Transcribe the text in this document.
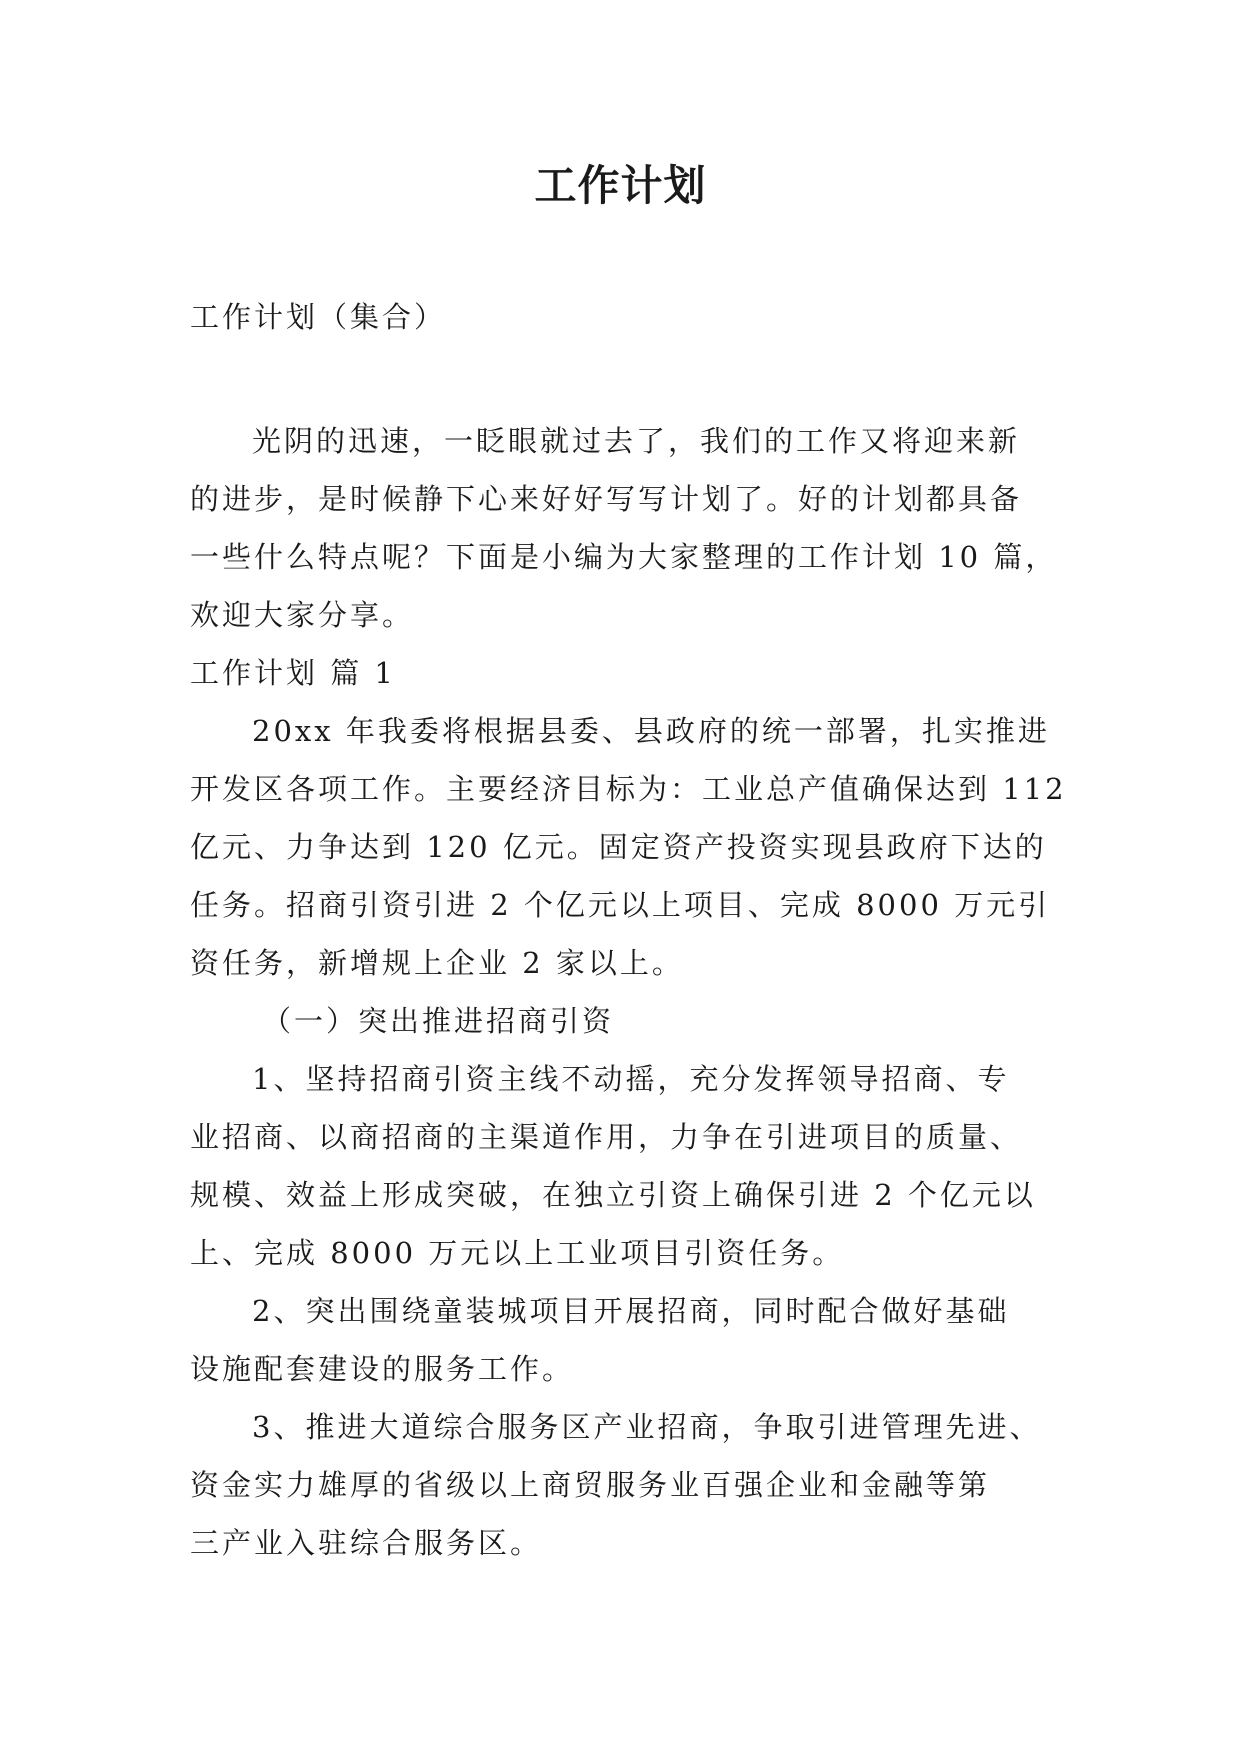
工作计划
工作计划（集合）
光阴的迅速，一眨眼就过去了，我们的工作又将迎来新
的进步，是时候静下心来好好写写计划了。好的计划都具备
一些什么特点呢？下面是小编为大家整理的工作计划 10 篇，
欢迎大家分享。
工作计划 篇 1
20xx 年我委将根据县委、县政府的统一部署，扎实推进
开发区各项工作。主要经济目标为：工业总产值确保达到 112
亿元、力争达到 120 亿元。固定资产投资实现县政府下达的
任务。招商引资引进 2 个亿元以上项目、完成 8000 万元引
资任务，新增规上企业 2 家以上。
（一）突出推进招商引资
1、坚持招商引资主线不动摇，充分发挥领导招商、专
业招商、以商招商的主渠道作用，力争在引进项目的质量、
规模、效益上形成突破，在独立引资上确保引进 2 个亿元以
上、完成 8000 万元以上工业项目引资任务。
2、突出围绕童装城项目开展招商，同时配合做好基础
设施配套建设的服务工作。
3、推进大道综合服务区产业招商，争取引进管理先进、
资金实力雄厚的省级以上商贸服务业百强企业和金融等第
三产业入驻综合服务区。
